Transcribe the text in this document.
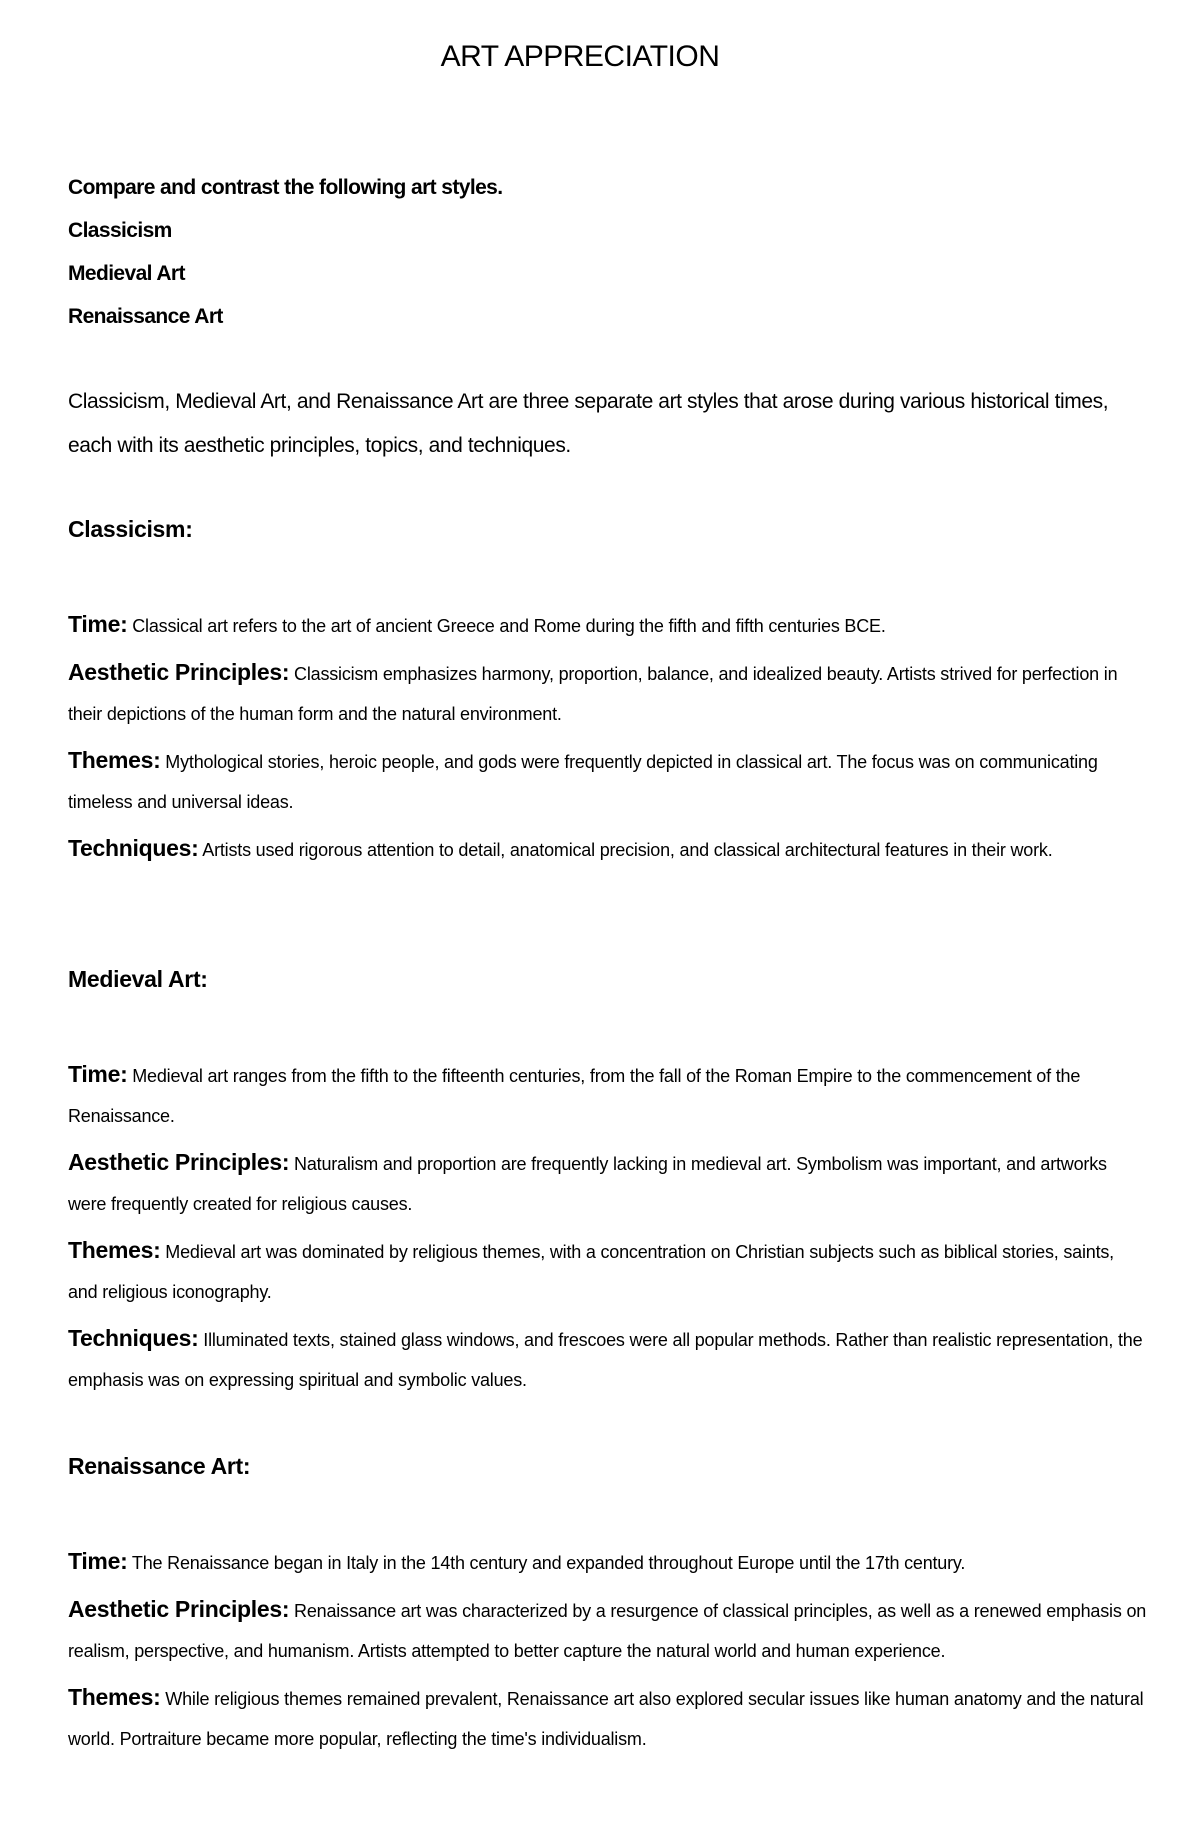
ART APPRECIATION

Compare and contrast the following art styles.

Classicism

Medieval Art

Renaissance Art

Classicism, Medieval Art, and Renaissance Art are three separate art styles that arose during various historical times, each with its aesthetic principles, topics, and techniques.

Classicism:

Time: Classical art refers to the art of ancient Greece and Rome during the fifth and fifth centuries BCE.

Aesthetic Principles: Classicism emphasizes harmony, proportion, balance, and idealized beauty. Artists strived for perfection in their depictions of the human form and the natural environment.

Themes: Mythological stories, heroic people, and gods were frequently depicted in classical art. The focus was on communicating timeless and universal ideas.

Techniques: Artists used rigorous attention to detail, anatomical precision, and classical architectural features in their work.

Medieval Art:

Time: Medieval art ranges from the fifth to the fifteenth centuries, from the fall of the Roman Empire to the commencement of the Renaissance.

Aesthetic Principles: Naturalism and proportion are frequently lacking in medieval art. Symbolism was important, and artworks were frequently created for religious causes.

Themes: Medieval art was dominated by religious themes, with a concentration on Christian subjects such as biblical stories, saints, and religious iconography.

Techniques: Illuminated texts, stained glass windows, and frescoes were all popular methods. Rather than realistic representation, the emphasis was on expressing spiritual and symbolic values.

Renaissance Art:

Time: The Renaissance began in Italy in the 14th century and expanded throughout Europe until the 17th century.

Aesthetic Principles: Renaissance art was characterized by a resurgence of classical principles, as well as a renewed emphasis on realism, perspective, and humanism. Artists attempted to better capture the natural world and human experience.

Themes: While religious themes remained prevalent, Renaissance art also explored secular issues like human anatomy and the natural world. Portraiture became more popular, reflecting the time's individualism.
